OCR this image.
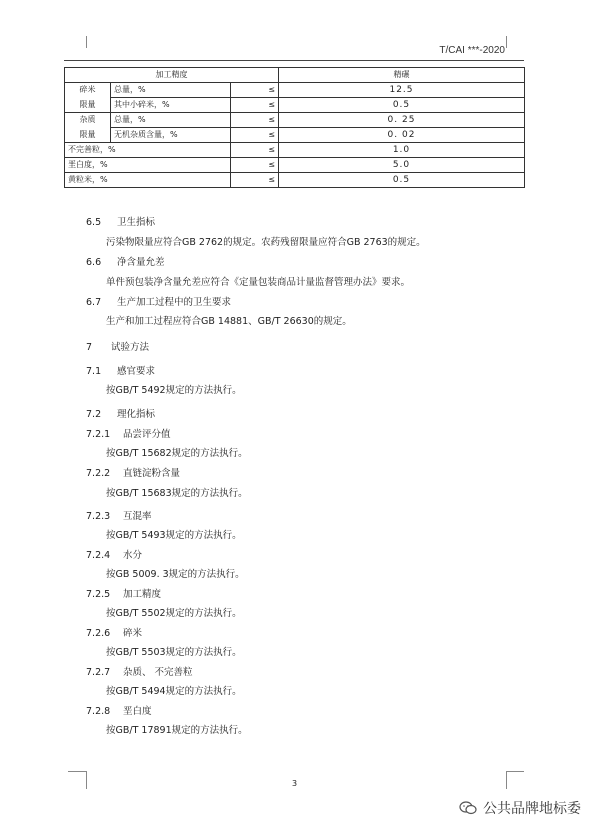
T/CAI ***-2020
加工精度			精碾
碎米	总量，%	≤	12.5
限量	其中小碎米，%	≤	0.5
杂质	总量，%	≤	0. 25
限量	无机杂质含量，%	≤	0. 02
不完善粒，%		≤	1.0
垩白度，%		≤	5.0
黄粒米，%		≤	0.5
6.5 卫生指标
污染物限量应符合GB 2762的规定。农药残留限量应符合GB 2763的规定。
6.6 净含量允差
单件预包装净含量允差应符合《定量包装商品计量监督管理办法》要求。
6.7 生产加工过程中的卫生要求
生产和加工过程应符合GB 14881、GB/T 26630的规定。
7 试验方法
7.1 感官要求
按GB/T 5492规定的方法执行。
7.2 理化指标
7.2.1 品尝评分值
按GB/T 15682规定的方法执行。
7.2.2 直链淀粉含量
按GB/T 15683规定的方法执行。
7.2.3 互混率
按GB/T 5493规定的方法执行。
7.2.4 水分
按GB 5009. 3规定的方法执行。
7.2.5 加工精度
按GB/T 5502规定的方法执行。
7.2.6 碎米
按GB/T 5503规定的方法执行。
7.2.7 杂质、 不完善粒
按GB/T 5494规定的方法执行。
7.2.8 垩白度
按GB/T 17891规定的方法执行。
3
公共品牌地标委
